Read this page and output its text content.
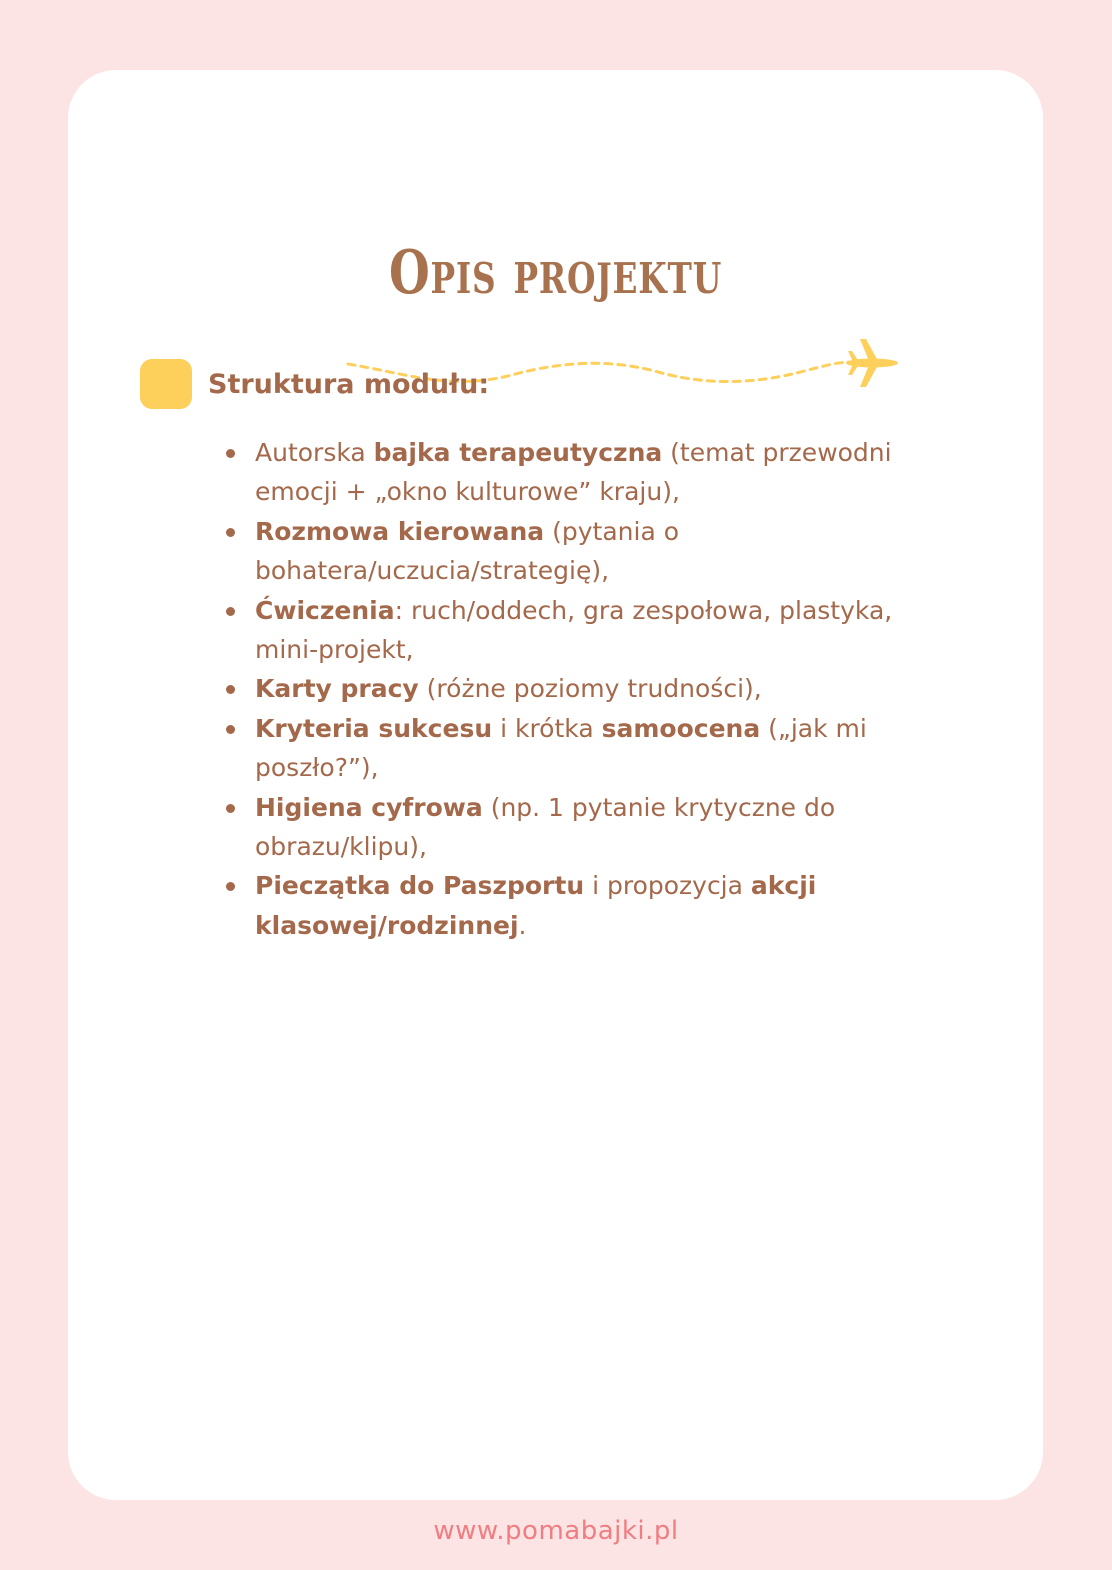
Opis projektu
Struktura modułu:
Autorska bajka terapeutyczna (temat przewodni emocji + „okno kulturowe” kraju),
Rozmowa kierowana (pytania o bohatera/uczucia/strategię),
Ćwiczenia: ruch/oddech, gra zespołowa, plastyka, mini-projekt,
Karty pracy (różne poziomy trudności),
Kryteria sukcesu i krótka samoocena („jak mi poszło?”),
Higiena cyfrowa (np. 1 pytanie krytyczne do obrazu/klipu),
Pieczątka do Paszportu i propozycja akcji klasowej/rodzinnej.
www.pomabajki.pl
